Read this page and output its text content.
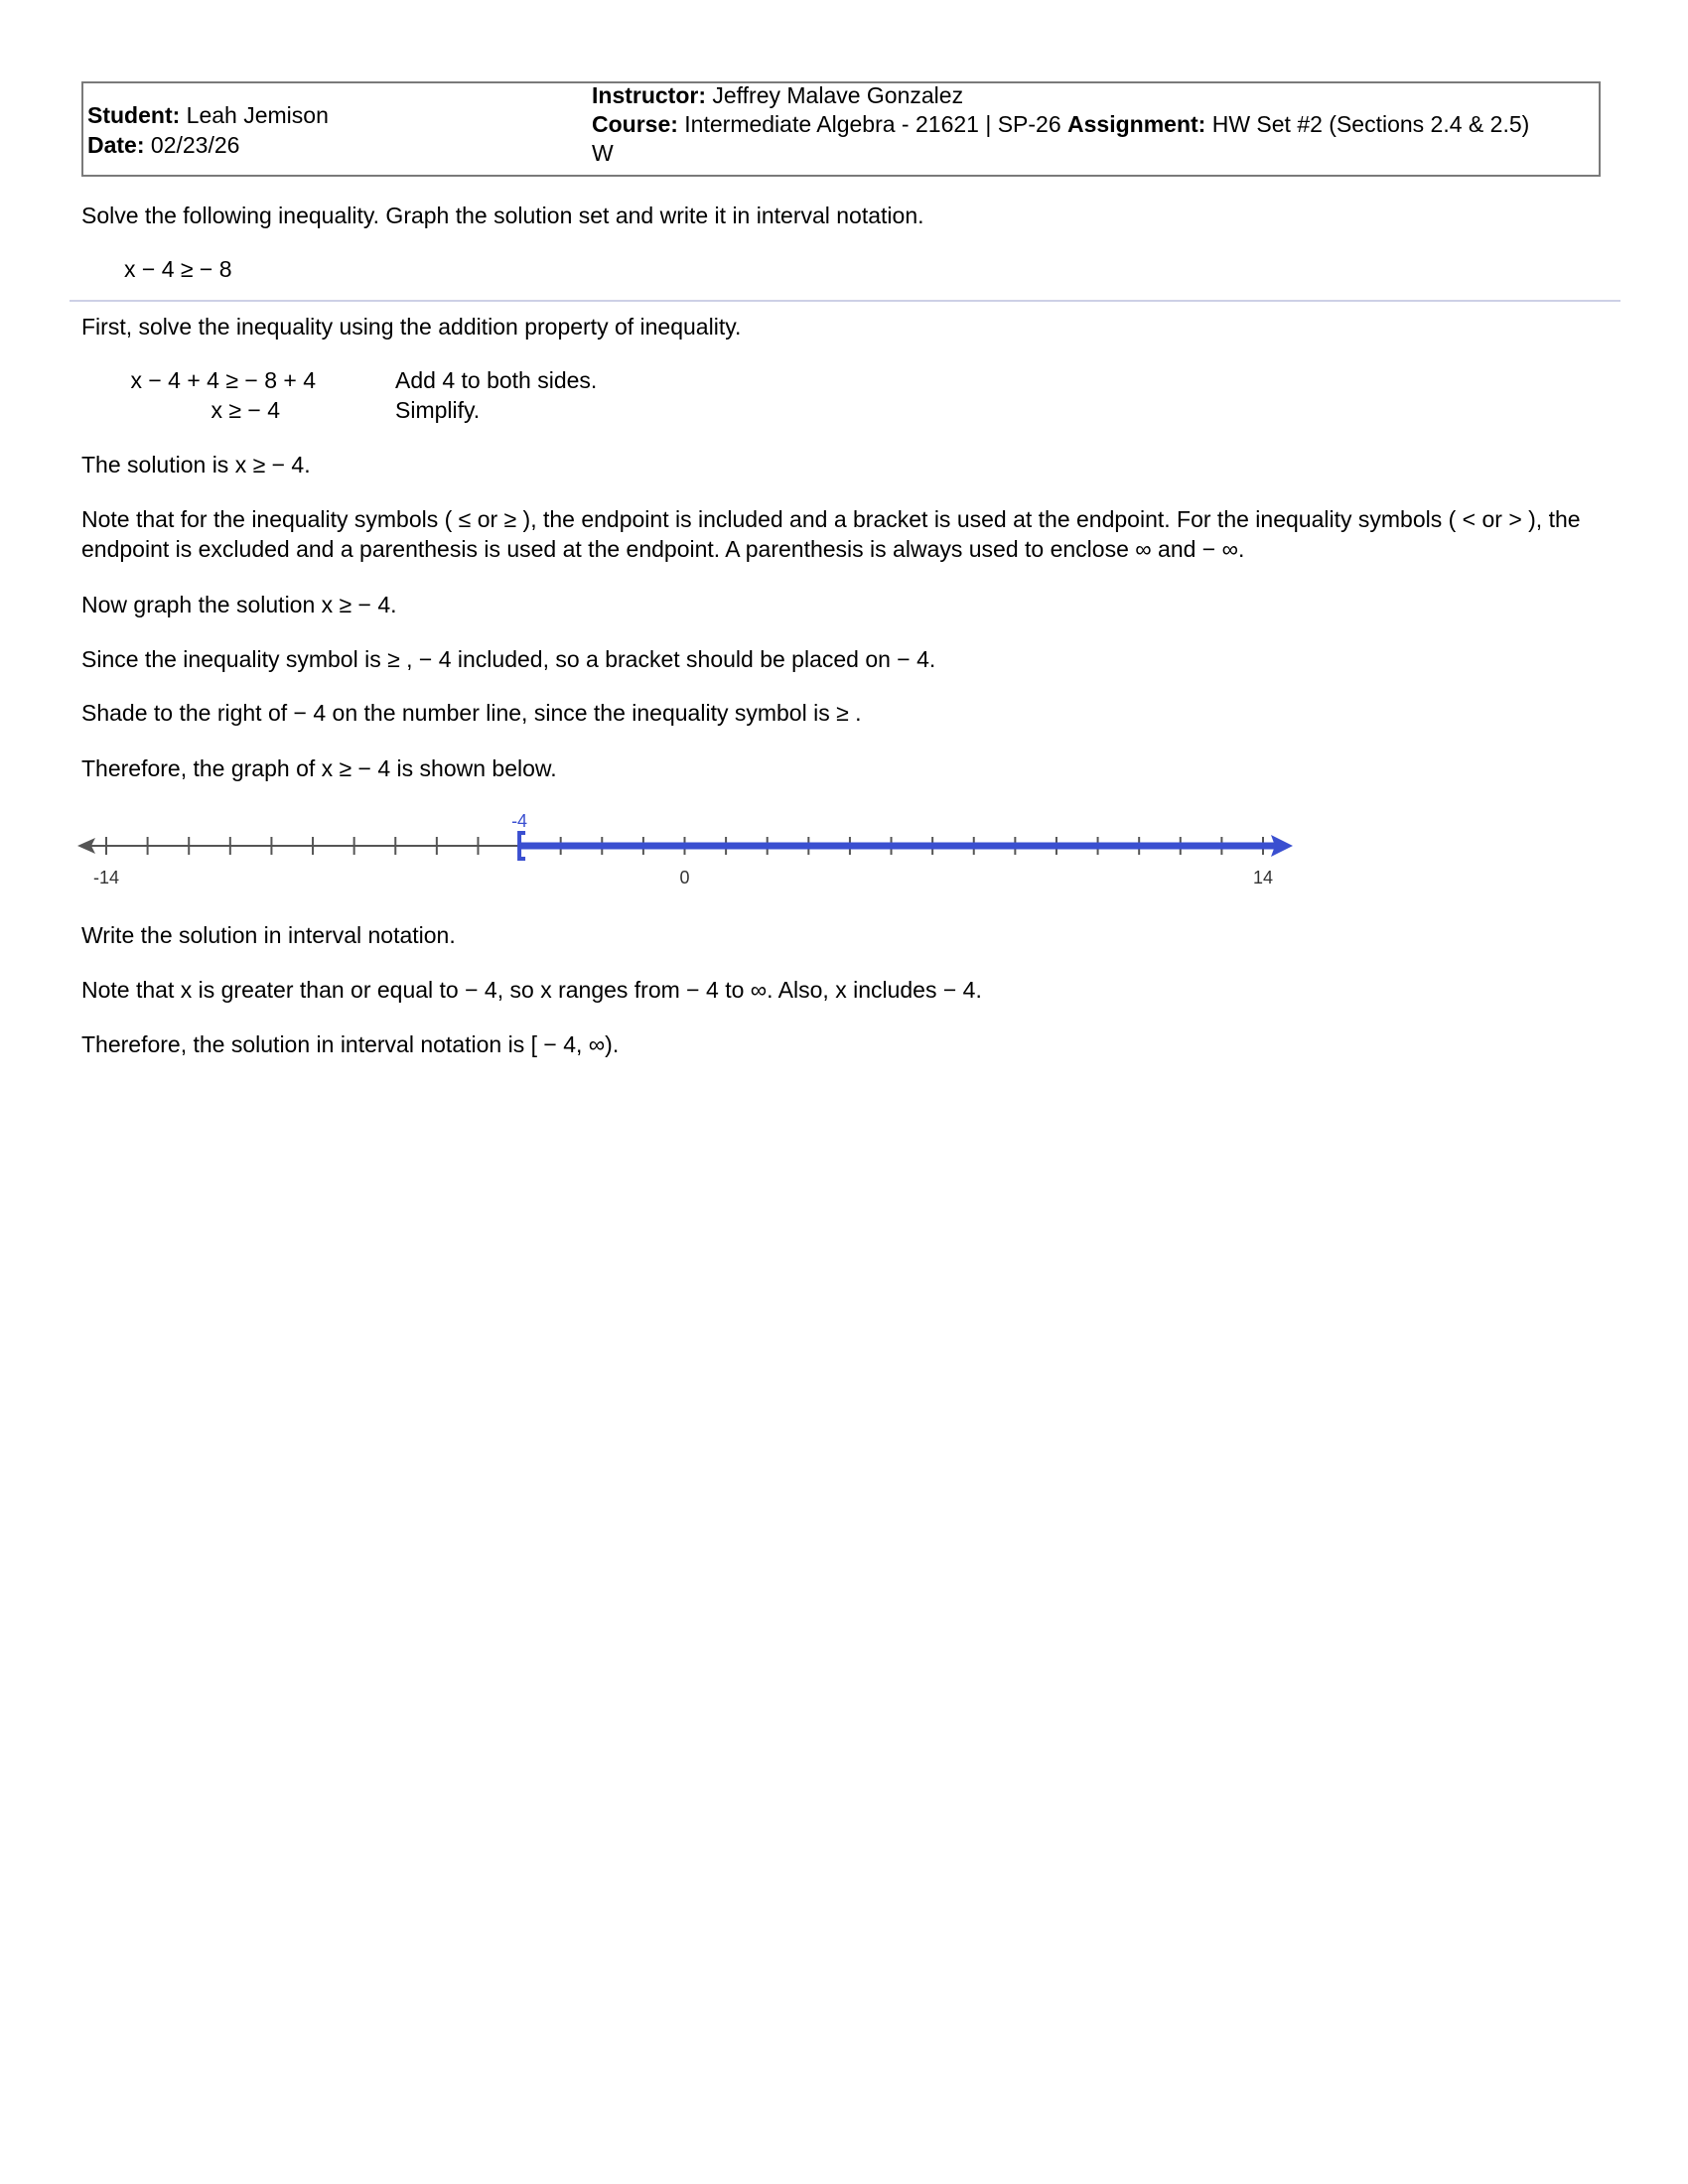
Student: Leah Jemison
Date: 02/23/26
Instructor: Jeffrey Malave Gonzalez
Course: Intermediate Algebra - 21621 | SP-26 Assignment: HW Set #2 (Sections 2.4 & 2.5)
W
Solve the following inequality. Graph the solution set and write it in interval notation.
x − 4 ≥ − 8
First, solve the inequality using the addition property of inequality.
x − 4 + 4 ≥ − 8 + 4	Add 4 to both sides.
x ≥ − 4	Simplify.
The solution is x ≥ − 4.
Note that for the inequality symbols ( ≤ or ≥ ), the endpoint is included and a bracket is used at the endpoint. For the inequality symbols ( < or > ), the endpoint is excluded and a parenthesis is used at the endpoint. A parenthesis is always used to enclose ∞ and − ∞.
Now graph the solution x ≥ − 4.
Since the inequality symbol is ≥ , − 4 included, so a bracket should be placed on − 4.
Shade to the right of − 4 on the number line, since the inequality symbol is ≥ .
Therefore, the graph of x ≥ − 4 is shown below.
-14	0	14
-4
Write the solution in interval notation.
Note that x is greater than or equal to − 4, so x ranges from − 4 to ∞. Also, x includes − 4.
Therefore, the solution in interval notation is [ − 4, ∞).
